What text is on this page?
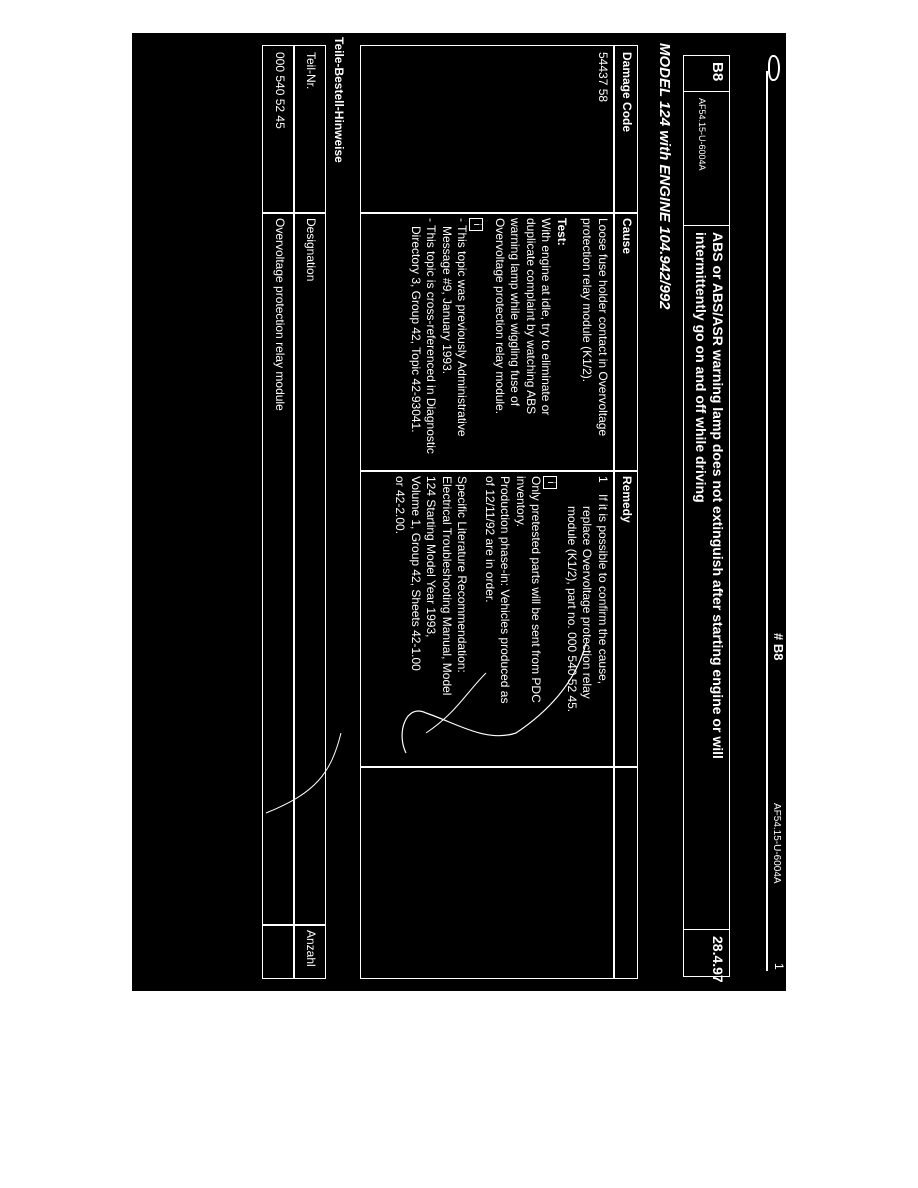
AF54.15-U-6004A
# B8
1
B8
AF54.15-U-6004A
ABS or ABS/ASR warning lamp does not extinguish after starting engine or will
intermittently go on and off while driving
28.4.97
MODEL 124 with ENGINE 104.942/992
Damage Code
Cause
Remedy
54437 58
Loose fuse holder contact in Overvoltage
protection relay module (K1/2).
Test:
With engine at idle, try to eliminate or
duplicate complaint by watching ABS
warning lamp while wiggling fuse of
Overvoltage protection relay module.
i
- This topic was previously Administrative
Message #9, January 1993.
- This topic is cross-referenced in Diagnostic
Directory 3, Group 42, Topic 42-93041.
1
If it is possible to confirm the cause,
replace Overvoltage protection relay
module (K1/2), part no. 000 540 52 45.
i
Only pretested parts will be sent from PDC
inventory.
Production phase-in: Vehicles produced as
of 12/11/92 are in order.
Specific Literature Recommendation:
Electrical Troubleshooting Manual, Model
124 Starting Model Year 1993,
Volume 1, Group 42, Sheets 42-1.00
or 42-2.00.
Teile-Bestell-Hinweise
Teil-Nr.
Designation
Anzahl
000 540 52 45
Overvoltage protection relay module
